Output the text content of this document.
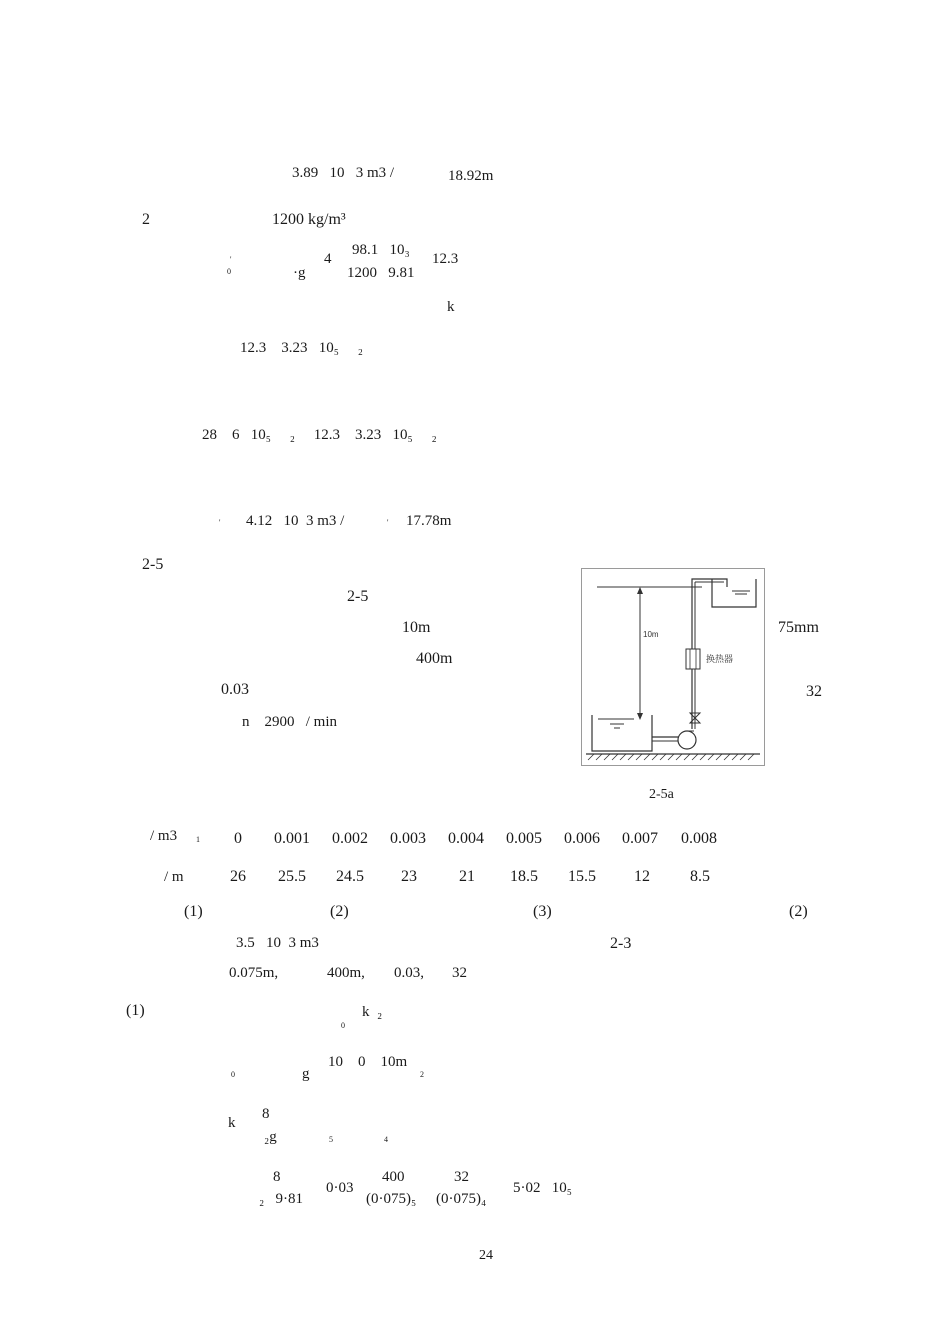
3.89   10   3 m3 /	18.92m
2	1200 kg/m³
98.1   10₃
4	12.3
'
0	·g	1200   9.81
k
12.3    3.23   10₅     ₂
28    6   10₅     ₂     12.3    3.23   10₅     ₂
' 4.12   10  3 m3 /	' 17.78m
2-5
2-5
10m	75mm
400m
0.03	32
n    2900   / min
2-5a
/ m3 1 0 0.001 0.002 0.003 0.004 0.005 0.006 0.007 0.008
/ m	26 25.5 24.5 23	21 18.5 15.5 12	8.5
(1)	(2)	(3)	(2)
3.5   10  3 m3	2-3
0.075m,	400m, 0.03, 32
(1)	k  ₂
0
10    0    10m
0	g	2
8
k
₂g	5	4
8	400	32
0·03	5·02   10₅
₂   9·81	(0·075)₅ (0·075)₄
24
10m
换热器
